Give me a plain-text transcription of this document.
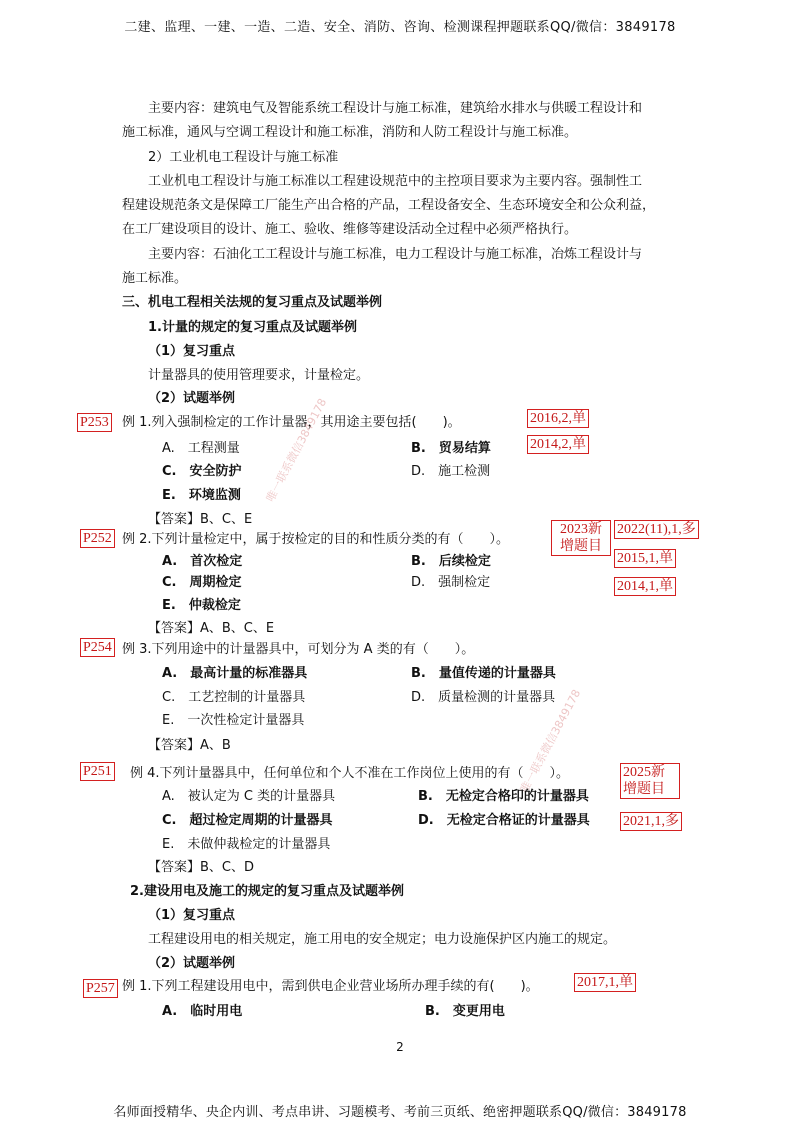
二建、监理、一建、一造、二造、安全、消防、咨询、检测课程押题联系QQ/微信：3849178
名师面授精华、央企内训、考点串讲、习题模考、考前三页纸、绝密押题联系QQ/微信：3849178
2
唯一联系微信3849178
唯一联系微信3849178
主要内容：建筑电气及智能系统工程设计与施工标准，建筑给水排水与供暖工程设计和
施工标准，通风与空调工程设计和施工标准，消防和人防工程设计与施工标准。
2）工业机电工程设计与施工标准
工业机电工程设计与施工标准以工程建设规范中的主控项目要求为主要内容。强制性工
程建设规范条文是保障工厂能生产出合格的产品，工程设备安全、生态环境安全和公众利益，
在工厂建设项目的设计、施工、验收、维修等建设活动全过程中必须严格执行。
主要内容：石油化工工程设计与施工标准，电力工程设计与施工标准，冶炼工程设计与
施工标准。
三、机电工程相关法规的复习重点及试题举例
1.计量的规定的复习重点及试题举例
（1）复习重点
计量器具的使用管理要求，计量检定。
（2）试题举例
P253 例 1.列入强制检定的工作计量器，其用途主要包括(　　)。	2016,2,单
2014,2,单
A.　工程测量	B.　贸易结算
C.　安全防护	D.　施工检测
E.　环境监测
【答案】B、C、E
P252 例 2.下列计量检定中，属于按检定的目的和性质分类的有（　　）。
2023新增题目
2022(11),1,多
2015,1,单
2014,1,单
A.　首次检定	B.　后续检定
C.　周期检定	D.　强制检定
E.　仲裁检定
【答案】A、B、C、E
P254 例 3.下列用途中的计量器具中，可划分为 A 类的有（　　）。
A.　最高计量的标准器具	B.　量值传递的计量器具
C.　工艺控制的计量器具	D.　质量检测的计量器具
E.　一次性检定计量器具
【答案】A、B
P251 例 4.下列计量器具中，任何单位和个人不准在工作岗位上使用的有（　　）。	2025新增题目
2021,1,多
A.　被认定为 C 类的计量器具	B.　无检定合格印的计量器具
C.　超过检定周期的计量器具	D.　无检定合格证的计量器具
E.　未做仲裁检定的计量器具
【答案】B、C、D
2.建设用电及施工的规定的复习重点及试题举例
（1）复习重点
工程建设用电的相关规定，施工用电的安全规定；电力设施保护区内施工的规定。
（2）试题举例
P257 例 1.下列工程建设用电中，需到供电企业营业场所办理手续的有(　　)。	2017,1,单
A.　临时用电	B.　变更用电
